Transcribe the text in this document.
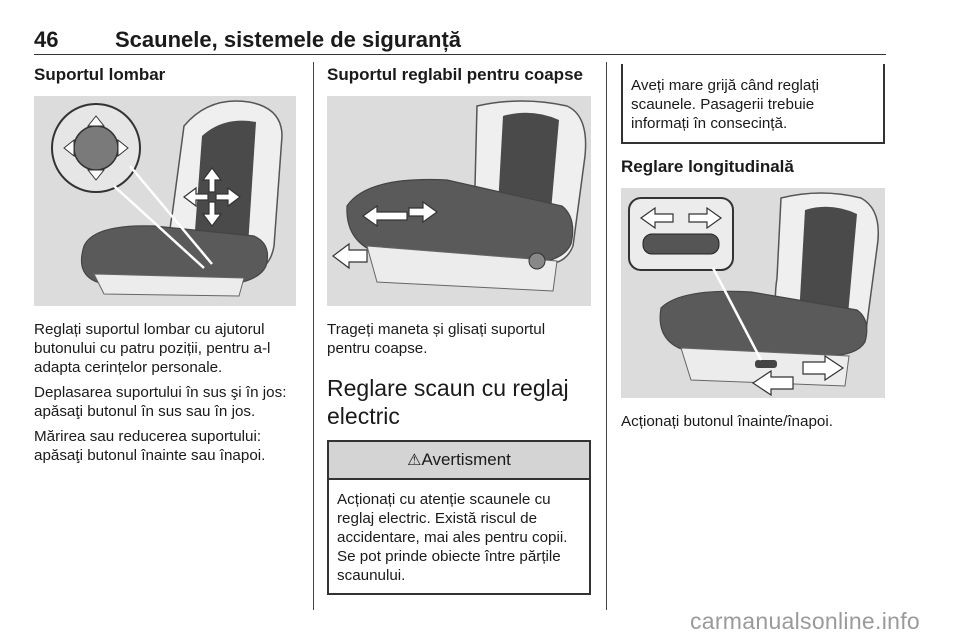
46	Scaunele, sistemele de siguranță
Suportul lombar

Reglați suportul lombar cu ajutorul butonului cu patru poziții, pentru a-l adapta cerințelor personale.

Deplasarea suportului în sus şi în jos: apăsaţi butonul în sus sau în jos.

Mărirea sau reducerea suportului: apăsaţi butonul înainte sau înapoi.

Suportul reglabil pentru coapse

Trageți maneta și glisați suportul pentru coapse.

Reglare scaun cu reglaj electric
⚠Avertisment

Acționați cu atenție scaunele cu reglaj electric. Există riscul de accidentare, mai ales pentru copii. Se pot prinde obiecte între părțile scaunului.

Aveți mare grijă când reglați scaunele. Pasagerii trebuie informați în consecință.

Reglare longitudinală

Acționați butonul înainte/înapoi.

carmanualsonline.info
